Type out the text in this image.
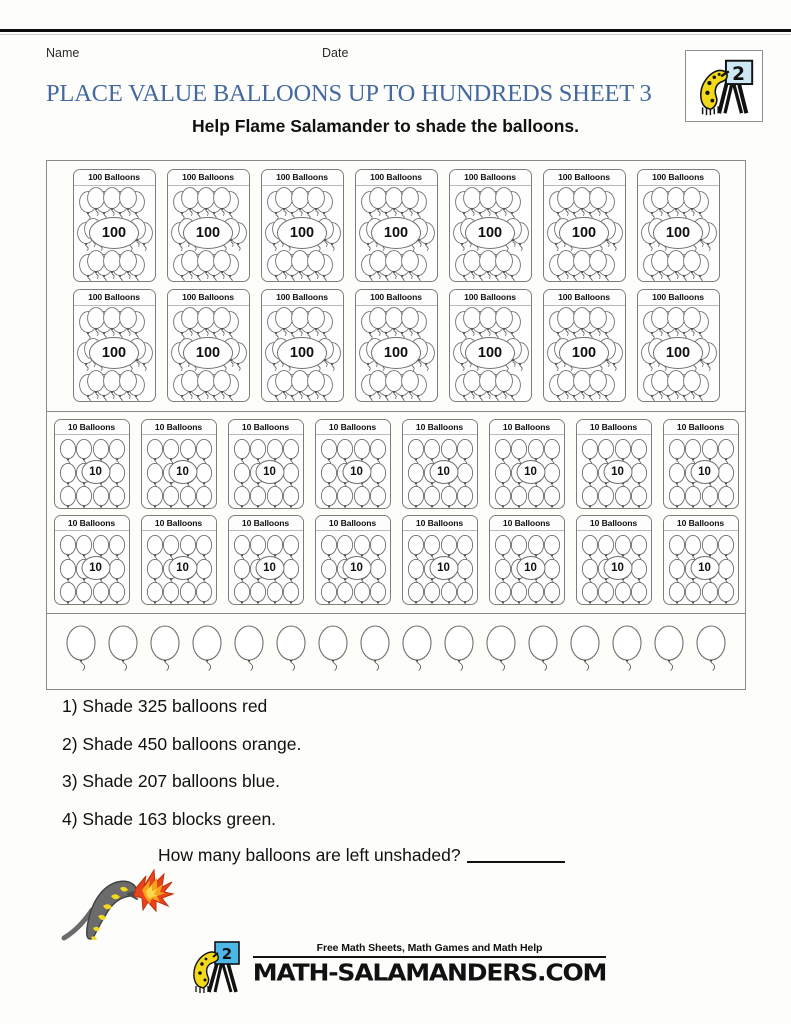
Name	Date
PLACE VALUE BALLOONS UP TO HUNDREDS SHEET 3
Help Flame Salamander to shade the balloons.
2
100 Balloons
100
100 Balloons
100
100 Balloons
100
100 Balloons
100
100 Balloons
100
100 Balloons
100
100 Balloons
100
100 Balloons
100
100 Balloons
100
100 Balloons
100
100 Balloons
100
100 Balloons
100
100 Balloons
100
100 Balloons
100
10 Balloons
10
10 Balloons
10
10 Balloons
10
10 Balloons
10
10 Balloons
10
10 Balloons
10
10 Balloons
10
10 Balloons
10
10 Balloons
10
10 Balloons
10
10 Balloons
10
10 Balloons
10
10 Balloons
10
10 Balloons
10
10 Balloons
10
10 Balloons
10
1) Shade 325 balloons red
2) Shade 450 balloons orange.
3) Shade 207 balloons blue.
4) Shade 163 blocks green.
How many balloons are left unshaded?
2	Free Math Sheets, Math Games and Math Help
MATH-SALAMANDERS.COM
